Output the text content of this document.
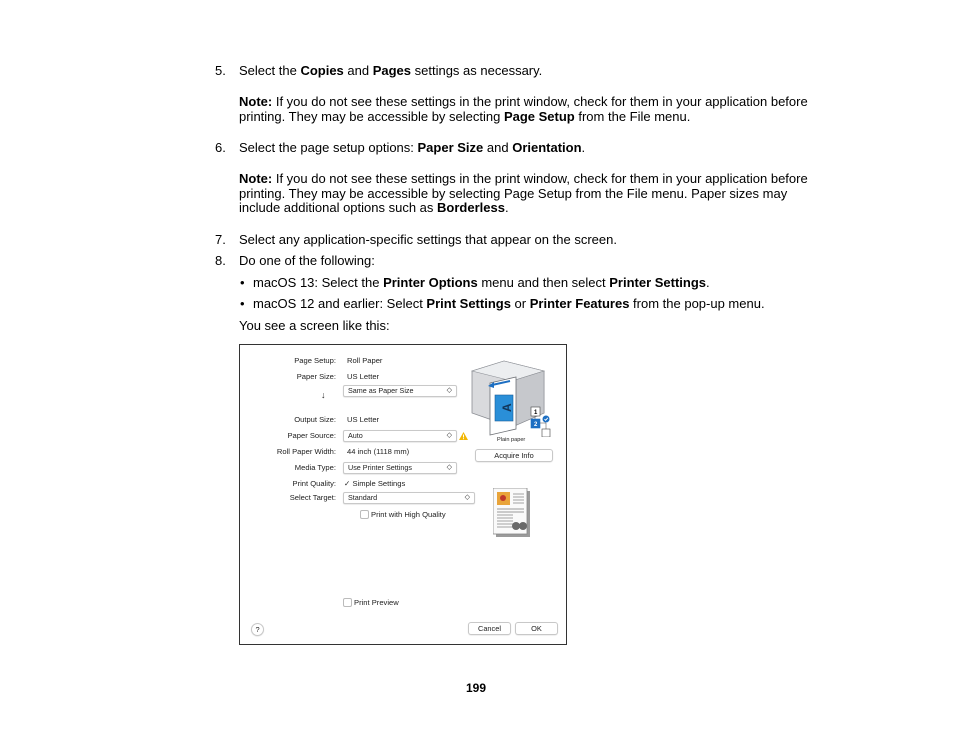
5. Select the Copies and Pages settings as necessary.
Note: If you do not see these settings in the print window, check for them in your application before printing. They may be accessible by selecting Page Setup from the File menu.
6. Select the page setup options: Paper Size and Orientation.
Note: If you do not see these settings in the print window, check for them in your application before printing. They may be accessible by selecting Page Setup from the File menu. Paper sizes may include additional options such as Borderless.
7. Select any application-specific settings that appear on the screen.
8. Do one of the following:
• macOS 13: Select the Printer Options menu and then select Printer Settings.
• macOS 12 and earlier: Select Print Settings or Printer Features from the pop-up menu.
You see a screen like this:
Page Setup: Roll Paper
Paper Size: US Letter
Same as Paper Size	◇
↓
Output Size: US Letter
Paper Source:	Auto	◇
Roll Paper Width: 44 inch (1118 mm)
Media Type:	Use Printer Settings	◇
Print Quality: ✓ Simple Settings
Select Target:	Standard	◇
Print with High Quality
A
1
2
Plain paper
Acquire Info
Print Preview
?	Cancel	OK
199
